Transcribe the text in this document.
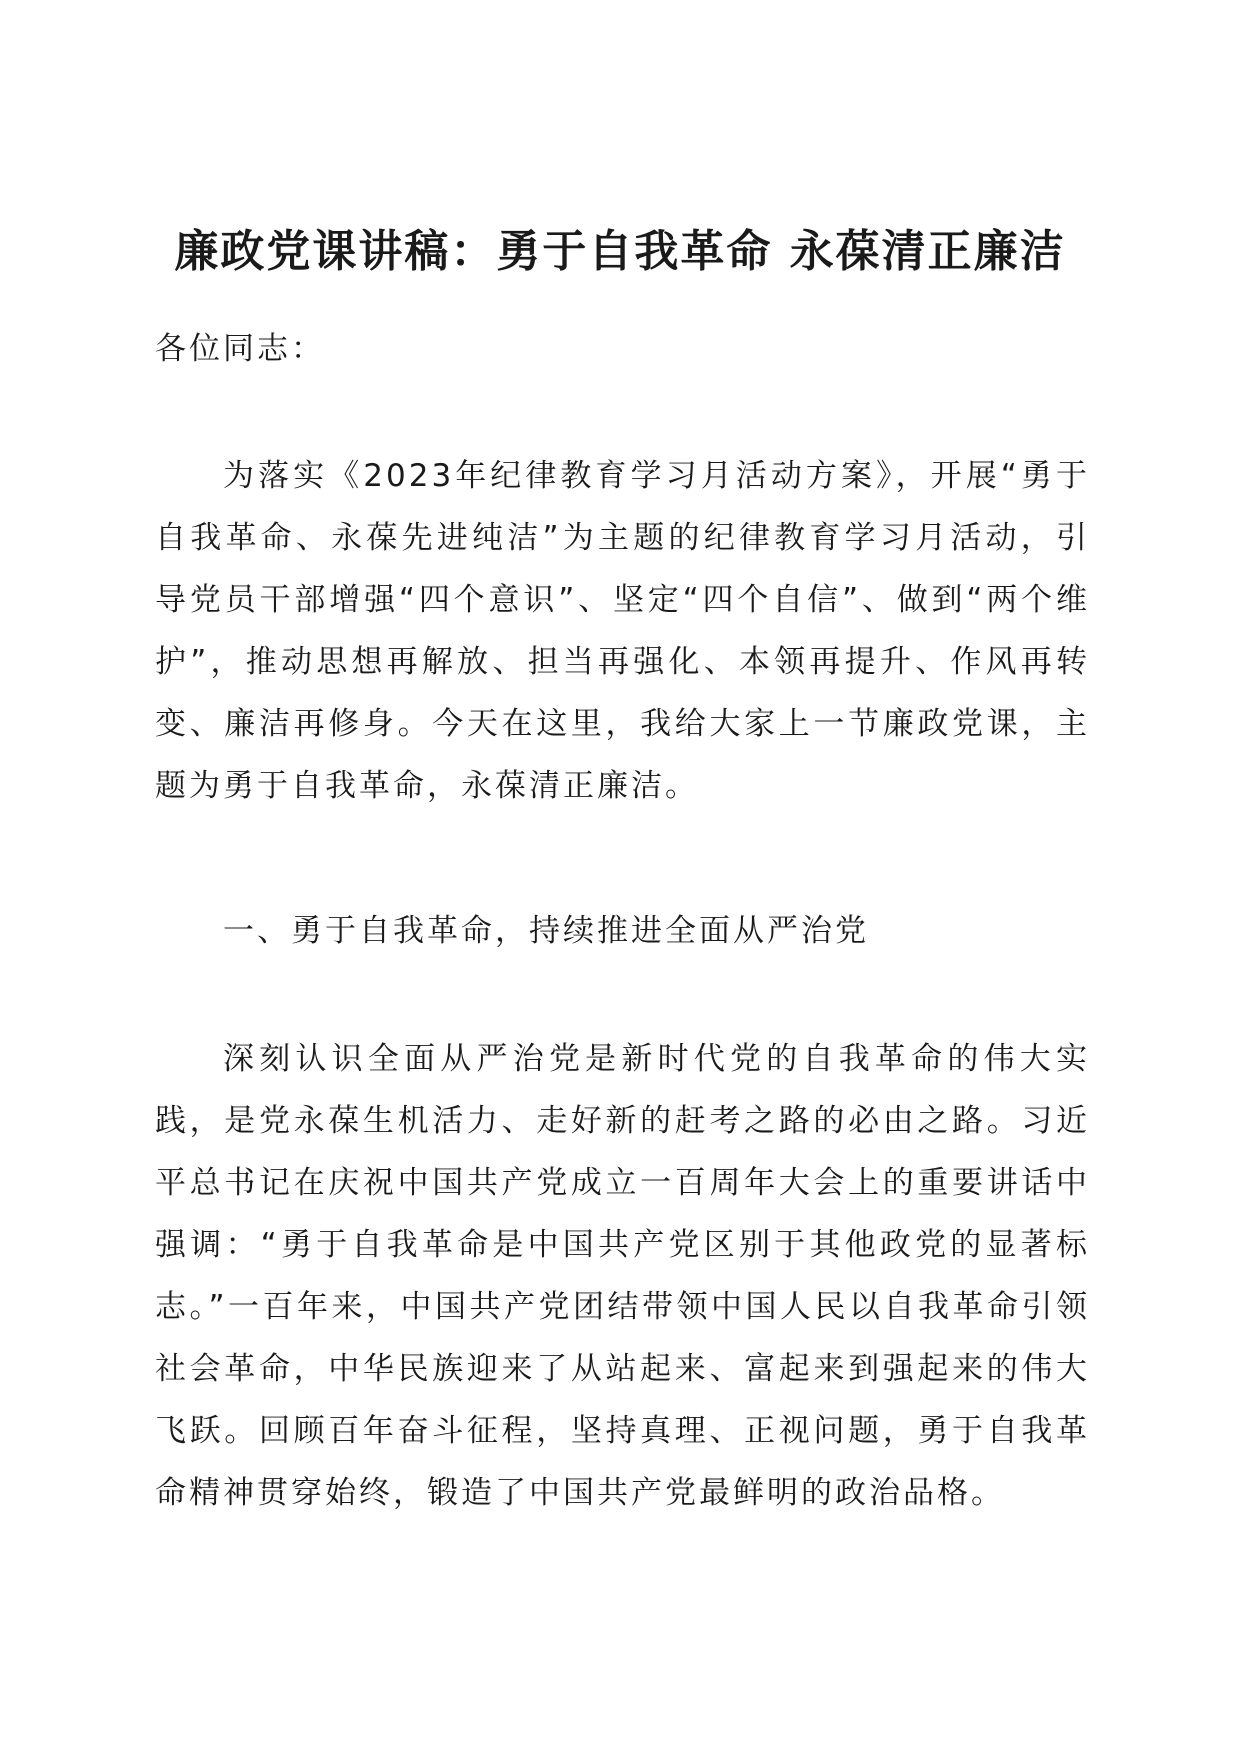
廉政党课讲稿：勇于自我革命 永葆清正廉洁

各位同志：

为落实《2023年纪律教育学习月活动方案》，开展“勇于自我革命、永葆先进纯洁”为主题的纪律教育学习月活动，引导党员干部增强“四个意识”、坚定“四个自信”、做到“两个维护”，推动思想再解放、担当再强化、本领再提升、作风再转变、廉洁再修身。今天在这里，我给大家上一节廉政党课，主题为勇于自我革命，永葆清正廉洁。

一、勇于自我革命，持续推进全面从严治党

深刻认识全面从严治党是新时代党的自我革命的伟大实践，是党永葆生机活力、走好新的赶考之路的必由之路。习近平总书记在庆祝中国共产党成立一百周年大会上的重要讲话中强调：“勇于自我革命是中国共产党区别于其他政党的显著标志。”一百年来，中国共产党团结带领中国人民以自我革命引领社会革命，中华民族迎来了从站起来、富起来到强起来的伟大飞跃。回顾百年奋斗征程，坚持真理、正视问题，勇于自我革命精神贯穿始终，锻造了中国共产党最鲜明的政治品格。
